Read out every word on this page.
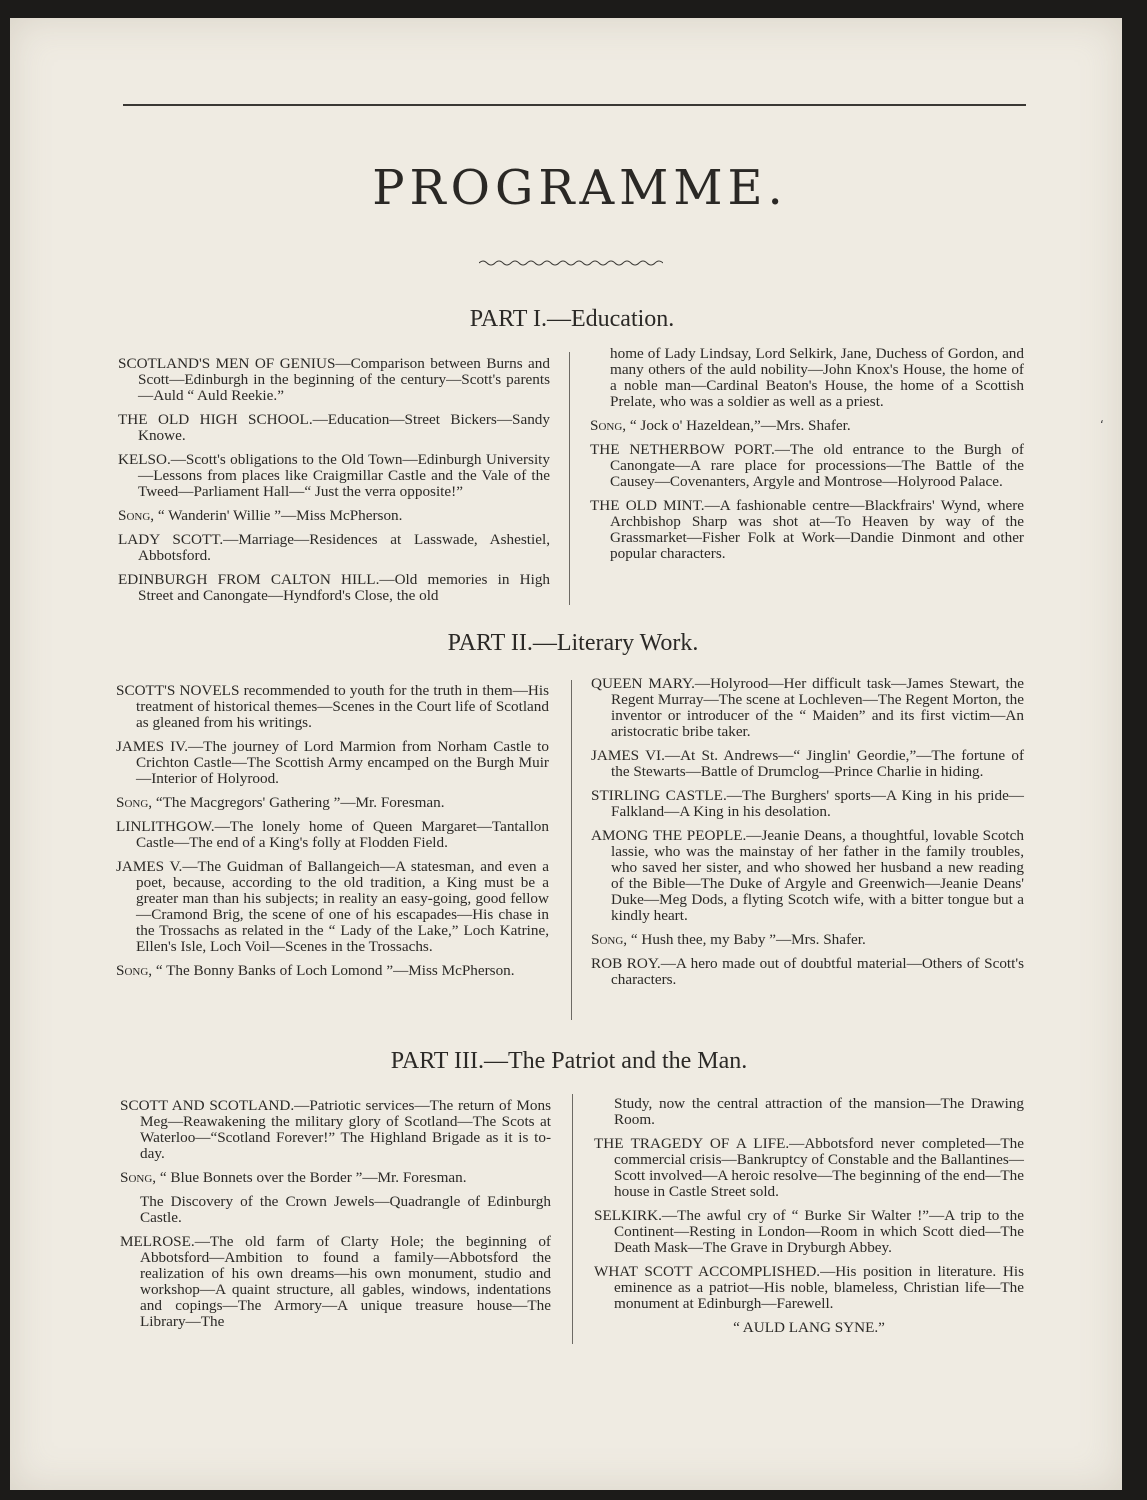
PROGRAMME.
PART I.—Education.

SCOTLAND'S MEN OF GENIUS—Comparison between Burns and Scott—Edinburgh in the beginning of the century—Scott's parents—Auld “ Auld Reekie.”

THE OLD HIGH SCHOOL.—Education—Street Bickers—Sandy Knowe.

KELSO.—Scott's obligations to the Old Town—Edinburgh University—Lessons from places like Craigmillar Castle and the Vale of the Tweed—Parliament Hall—“ Just the verra opposite!”

Song, “ Wanderin' Willie ”—Miss McPherson.

LADY SCOTT.—Marriage—Residences at Lasswade, Ashestiel, Abbotsford.

EDINBURGH FROM CALTON HILL.—Old memories in High Street and Canongate—Hyndford's Close, the old

home of Lady Lindsay, Lord Selkirk, Jane, Duchess of Gordon, and many others of the auld nobility—John Knox's House, the home of a noble man—Cardinal Beaton's House, the home of a Scottish Prelate, who was a soldier as well as a priest.

Song, “ Jock o' Hazeldean,”—Mrs. Shafer.

THE NETHERBOW PORT.—The old entrance to the Burgh of Canongate—A rare place for processions—The Battle of the Causey—Covenanters, Argyle and Montrose—Holyrood Palace.

THE OLD MINT.—A fashionable centre—Blackfrairs' Wynd, where Archbishop Sharp was shot at—To Heaven by way of the Grassmarket—Fisher Folk at Work—Dandie Dinmont and other popular characters.

PART II.—Literary Work.

SCOTT'S NOVELS recommended to youth for the truth in them—His treatment of historical themes—Scenes in the Court life of Scotland as gleaned from his writings.

JAMES IV.—The journey of Lord Marmion from Norham Castle to Crichton Castle—The Scottish Army encamped on the Burgh Muir—Interior of Holyrood.

Song, “The Macgregors' Gathering ”—Mr. Foresman.

LINLITHGOW.—The lonely home of Queen Margaret—Tantallon Castle—The end of a King's folly at Flodden Field.

JAMES V.—The Guidman of Ballangeich—A statesman, and even a poet, because, according to the old tradition, a King must be a greater man than his subjects; in reality an easy-going, good fellow—Cramond Brig, the scene of one of his escapades—His chase in the Trossachs as related in the “ Lady of the Lake,” Loch Katrine, Ellen's Isle, Loch Voil—Scenes in the Trossachs.

Song, “ The Bonny Banks of Loch Lomond ”—Miss McPherson.

QUEEN MARY.—Holyrood—Her difficult task—James Stewart, the Regent Murray—The scene at Lochleven—The Regent Morton, the inventor or introducer of the “ Maiden” and its first victim—An aristocratic bribe taker.

JAMES VI.—At St. Andrews—“ Jinglin' Geordie,”—The fortune of the Stewarts—Battle of Drumclog—Prince Charlie in hiding.

STIRLING CASTLE.—The Burghers' sports—A King in his pride—Falkland—A King in his desolation.

AMONG THE PEOPLE.—Jeanie Deans, a thoughtful, lovable Scotch lassie, who was the mainstay of her father in the family troubles, who saved her sister, and who showed her husband a new reading of the Bible—The Duke of Argyle and Greenwich—Jeanie Deans' Duke—Meg Dods, a flyting Scotch wife, with a bitter tongue but a kindly heart.

Song, “ Hush thee, my Baby ”—Mrs. Shafer.

ROB ROY.—A hero made out of doubtful material—Others of Scott's characters.

PART III.—The Patriot and the Man.

SCOTT AND SCOTLAND.—Patriotic services—The return of Mons Meg—Reawakening the military glory of Scotland—The Scots at Waterloo—“Scotland Forever!” The Highland Brigade as it is to-day.

Song, “ Blue Bonnets over the Border ”—Mr. Foresman.

The Discovery of the Crown Jewels—Quadrangle of Edinburgh Castle.

MELROSE.—The old farm of Clarty Hole; the beginning of Abbotsford—Ambition to found a family—Abbotsford the realization of his own dreams—his own monument, studio and workshop—A quaint structure, all gables, windows, indentations and copings—The Armory—A unique treasure house—The Library—The

Study, now the central attraction of the mansion—The Drawing Room.

THE TRAGEDY OF A LIFE.—Abbotsford never completed—The commercial crisis—Bankruptcy of Constable and the Ballantines—Scott involved—A heroic resolve—The beginning of the end—The house in Castle Street sold.

SELKIRK.—The awful cry of “ Burke Sir Walter !”—A trip to the Continent—Resting in London—Room in which Scott died—The Death Mask—The Grave in Dryburgh Abbey.

WHAT SCOTT ACCOMPLISHED.—His position in literature. His eminence as a patriot—His noble, blameless, Christian life—The monument at Edinburgh—Farewell.

“ AULD LANG SYNE.”

‘
